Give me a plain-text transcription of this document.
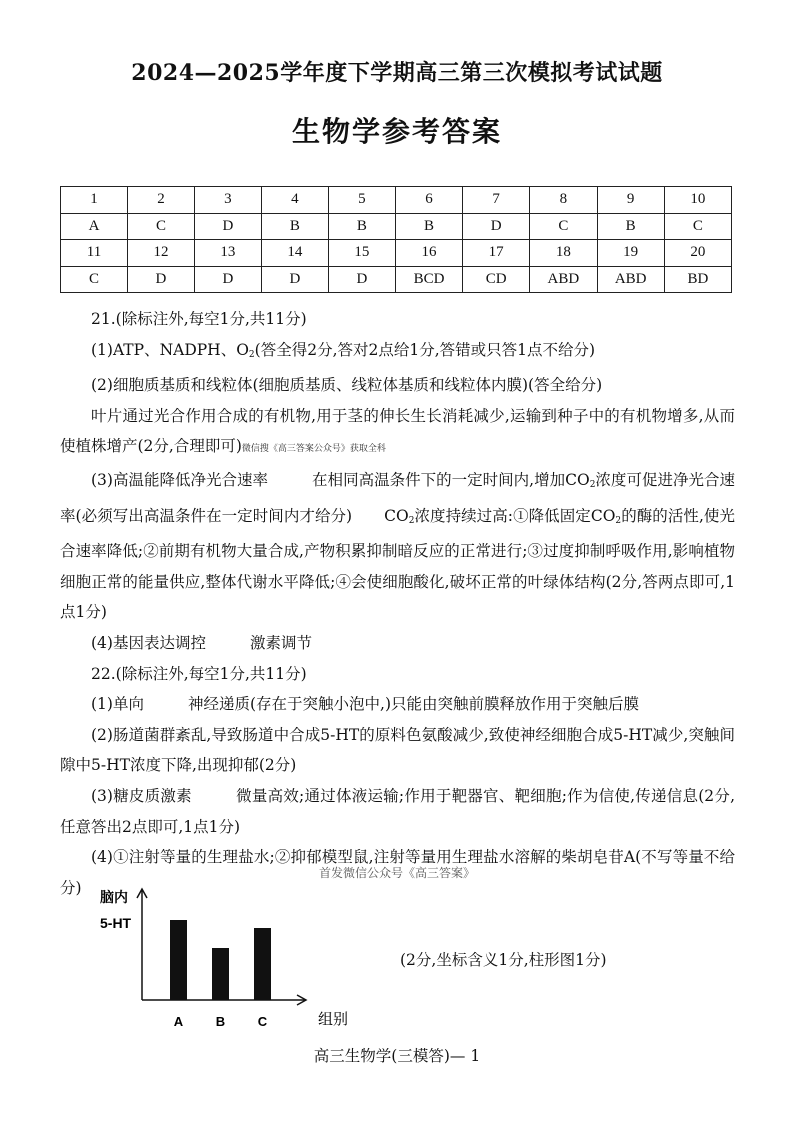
2024—2025学年度下学期高三第三次模拟考试试题
生物学参考答案
1	2	3	4	5	6	7	8	9	10
A	C	D	B	B	B	D	C	B	C
11	12	13	14	15	16	17	18	19	20
C	D	D	D	D	BCD	CD	ABD	ABD	BD

21.(除标注外,每空1分,共11分)

(1)ATP、NADPH、$O_2$(答全得2分,答对2点给1分,答错或只答1点不给分)

(2)细胞质基质和线粒体(细胞质基质、线粒体基质和线粒体内膜)(答全给分)

叶片通过光合作用合成的有机物,用于茎的伸长生长消耗减少,运输到种子中的有机物增多,从而使植株增产(2分,合理即可)微信搜《高三答案公众号》获取全科

(3)高温能降低净光合速率	在相同高温条件下的一定时间内,增加$CO_2$浓度可促进净光合速率(必须写出高温条件在一定时间内才给分) $CO_2$浓度持续过高:①降低固定$CO_2$的酶的活性,使光合速率降低;②前期有机物大量合成,产物积累抑制暗反应的正常进行;③过度抑制呼吸作用,影响植物细胞正常的能量供应,整体代谢水平降低;④会使细胞酸化,破坏正常的叶绿体结构(2分,答两点即可,1点1分)

(4)基因表达调控	激素调节

22.(除标注外,每空1分,共11分)

(1)单向	神经递质(存在于突触小泡中,)只能由突触前膜释放作用于突触后膜

(2)肠道菌群紊乱,导致肠道中合成5-HT的原料色氨酸减少,致使神经细胞合成5-HT减少,突触间隙中5-HT浓度下降,出现抑郁(2分)

(3)糖皮质激素	微量高效;通过体液运输;作用于靶器官、靶细胞;作为信使,传递信息(2分,任意答出2点即可,1点1分)

(4)①注射等量的生理盐水;②抑郁模型鼠,注射等量用生理盐水溶解的柴胡皂苷A(不写等量不给分)

首发微信公众号《高三答案》
脑内
5-HT
A	B	C	组别
(2分,坐标含义1分,柱形图1分)
高三生物学(三模答)— 1
